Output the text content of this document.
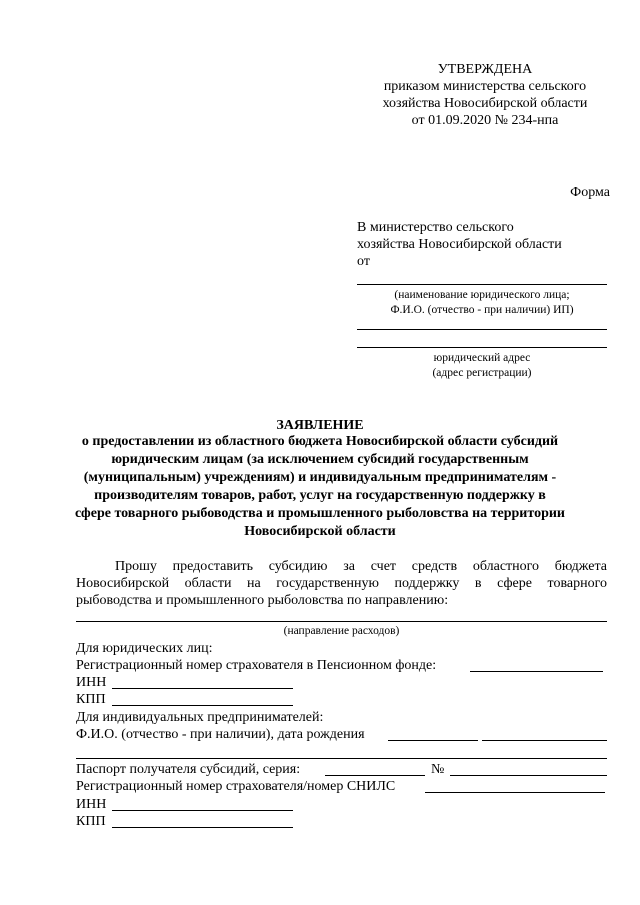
УТВЕРЖДЕНА
приказом министерства сельского
хозяйства Новосибирской области
от 01.09.2020 № 234-нпа
Форма
В министерство сельского
хозяйства Новосибирской области
от
(наименование юридического лица;
Ф.И.О. (отчество - при наличии) ИП)
юридический адрес
(адрес регистрации)
ЗАЯВЛЕНИЕ
о предоставлении из областного бюджета Новосибирской области субсидий
юридическим лицам (за исключением субсидий государственным
(муниципальным) учреждениям) и индивидуальным предпринимателям -
производителям товаров, работ, услуг на государственную поддержку в
сфере товарного рыбоводства и промышленного рыболовства на территории
Новосибирской области
Прошу предоставить субсидию за счет средств областного бюджета
Новосибирской области на государственную поддержку в сфере товарного
рыбоводства и промышленного рыболовства по направлению:
(направление расходов)
Для юридических лиц:
Регистрационный номер страхователя в Пенсионном фонде:
ИНН
КПП
Для индивидуальных предпринимателей:
Ф.И.О. (отчество - при наличии), дата рождения
Паспорт получателя субсидий, серия:	№
Регистрационный номер страхователя/номер СНИЛС
ИНН
КПП
